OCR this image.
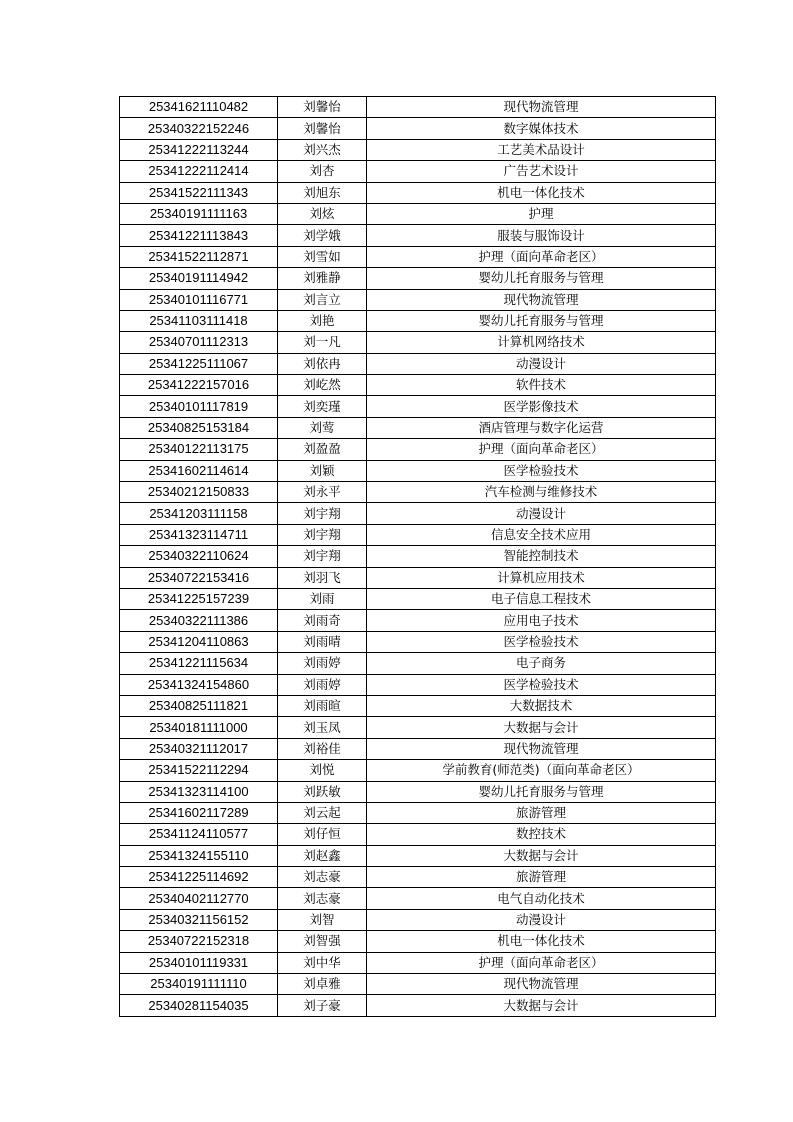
25341621110482	刘馨怡	现代物流管理
25340322152246	刘馨怡	数字媒体技术
25341222113244	刘兴杰	工艺美术品设计
25341222112414	刘杏	广告艺术设计
25341522111343	刘旭东	机电一体化技术
25340191111163	刘炫	护理
25341221113843	刘学娥	服装与服饰设计
25341522112871	刘雪如	护理（面向革命老区）
25340191114942	刘雅静	婴幼儿托育服务与管理
25340101116771	刘言立	现代物流管理
25341103111418	刘艳	婴幼儿托育服务与管理
25340701112313	刘一凡	计算机网络技术
25341225111067	刘依冉	动漫设计
25341222157016	刘屹然	软件技术
25340101117819	刘奕瑾	医学影像技术
25340825153184	刘莺	酒店管理与数字化运营
25340122113175	刘盈盈	护理（面向革命老区）
25341602114614	刘颖	医学检验技术
25340212150833	刘永平	汽车检测与维修技术
25341203111158	刘宇翔	动漫设计
25341323114711	刘宇翔	信息安全技术应用
25340322110624	刘宇翔	智能控制技术
25340722153416	刘羽飞	计算机应用技术
25341225157239	刘雨	电子信息工程技术
25340322111386	刘雨奇	应用电子技术
25341204110863	刘雨晴	医学检验技术
25341221115634	刘雨婷	电子商务
25341324154860	刘雨婷	医学检验技术
25340825111821	刘雨暄	大数据技术
25340181111000	刘玉凤	大数据与会计
25340321112017	刘裕佳	现代物流管理
25341522112294	刘悦	学前教育(师范类)（面向革命老区）
25341323114100	刘跃敏	婴幼儿托育服务与管理
25341602117289	刘云起	旅游管理
25341124110577	刘仔恒	数控技术
25341324155110	刘赵鑫	大数据与会计
25341225114692	刘志豪	旅游管理
25340402112770	刘志豪	电气自动化技术
25340321156152	刘智	动漫设计
25340722152318	刘智强	机电一体化技术
25340101119331	刘中华	护理（面向革命老区）
25340191111110	刘卓雅	现代物流管理
25340281154035	刘子豪	大数据与会计
